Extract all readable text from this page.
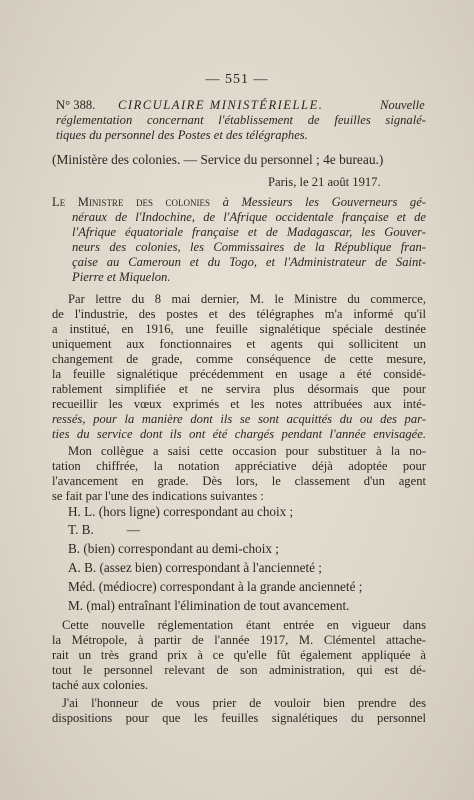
— 551 —
N° 388. CIRCULAIRE MINISTÉRIELLE.	Nouvelle
réglementation concernant l'établissement de feuilles signalé-
tiques du personnel des Postes et des télégraphes.
(Ministère des colonies. — Service du personnel ; 4e bureau.)
Paris, le 21 août 1917.
Le Ministre des colonies à Messieurs les Gouverneurs gé-
néraux de l'Indochine, de l'Afrique occidentale française et de
l'Afrique équatoriale française et de Madagascar, les Gouver-
neurs des colonies, les Commissaires de la République fran-
çaise au Cameroun et du Togo, et l'Administrateur de Saint-
Pierre et Miquelon.
Par lettre du 8 mai dernier, M. le Ministre du commerce,
de l'industrie, des postes et des télégraphes m'a informé qu'il
a institué, en 1916, une feuille signalétique spéciale destinée
uniquement aux fonctionnaires et agents qui sollicitent un
changement de grade, comme conséquence de cette mesure,
la feuille signalétique précédemment en usage a été considé-
rablement simplifiée et ne servira plus désormais que pour
recueillir les vœux exprimés et les notes attribuées aux inté-
ressés, pour la manière dont ils se sont acquittés du ou des par-
ties du service dont ils ont été chargés pendant l'année envisagée.
Mon collègue a saisi cette occasion pour substituer à la no-
tation chiffrée, la notation appréciative déjà adoptée pour
l'avancement en grade. Dès lors, le classement d'un agent
se fait par l'une des indications suivantes :
H. L. (hors ligne) correspondant au choix ;
T. B.          —
B. (bien) correspondant au demi-choix ;
A. B. (assez bien) correspondant à l'ancienneté ;
Méd. (médiocre) correspondant à la grande ancienneté ;
M. (mal) entraînant l'élimination de tout avancement.
Cette nouvelle réglementation étant entrée en vigueur dans
la Métropole, à partir de l'année 1917, M. Clémentel attache-
rait un très grand prix à ce qu'elle fût également appliquée à
tout le personnel relevant de son administration, qui est dé-
taché aux colonies.
J'ai l'honneur de vous prier de vouloir bien prendre des
dispositions pour que les feuilles signalétiques du personnel
